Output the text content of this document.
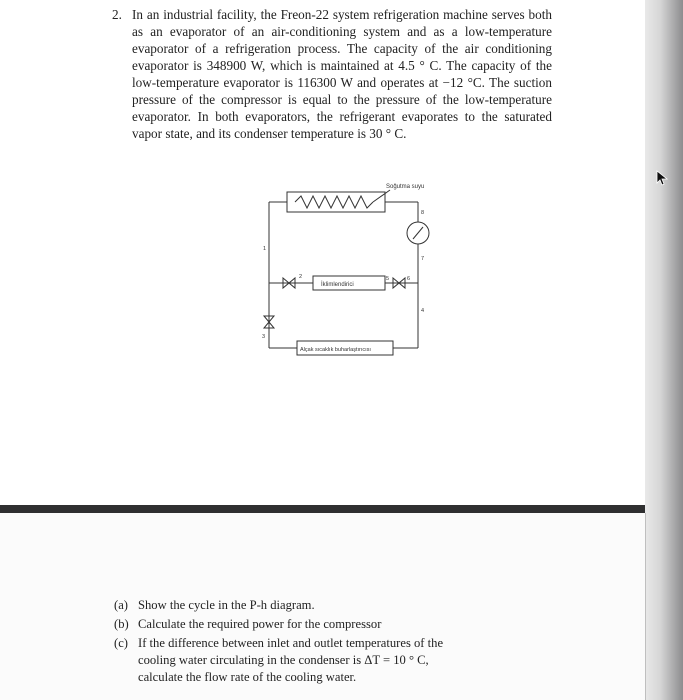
2. In an industrial facility, the Freon-22 system refrigeration machine serves both as an evaporator of an air-conditioning system and as a low-temperature evaporator of a refrigeration process. The capacity of the air conditioning evaporator is 348900 W, which is maintained at 4.5 ° C. The capacity of the low-temperature evaporator is 116300 W and operates at −12 °C. The suction pressure of the compressor is equal to the pressure of the low-temperature evaporator. In both evaporators, the refrigerant evaporates to the saturated vapor state, and its condenser temperature is 30 ° C.
Soğutma suyu
İklimlendirici
Alçak sıcaklık buharlaştırıcısı
1
2
3
4
5	6
7
8
(a) Show the cycle in the P-h diagram.
(b) Calculate the required power for the compressor
(c) If the difference between inlet and outlet temperatures of the
cooling water circulating in the condenser is ΔT = 10 ° C,
calculate the flow rate of the cooling water.
